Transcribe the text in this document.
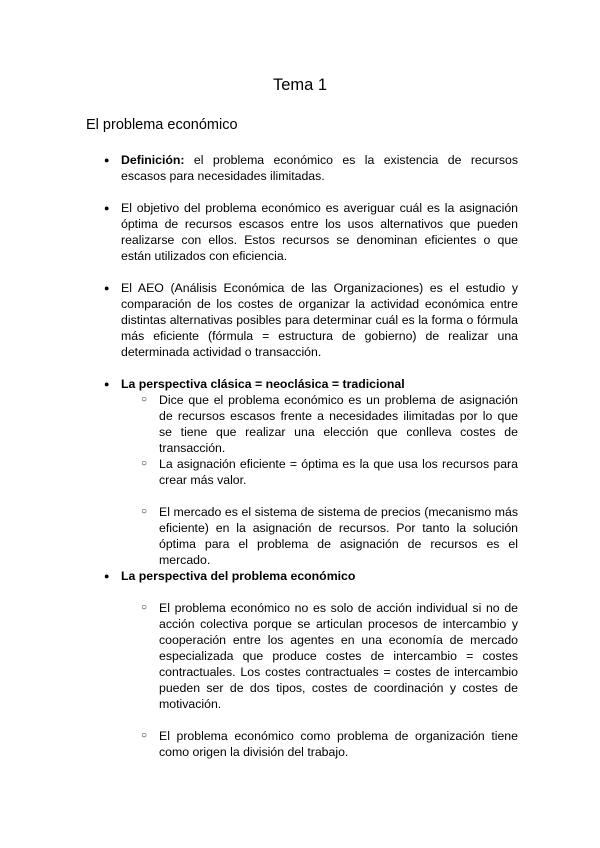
Tema 1
El problema económico
● Definición: el problema económico es la existencia de recursos escasos para necesidades ilimitadas.
● El objetivo del problema económico es averiguar cuál es la asignación óptima de recursos escasos entre los usos alternativos que pueden realizarse con ellos. Estos recursos se denominan eficientes o que están utilizados con eficiencia.
● El AEO (Análisis Económica de las Organizaciones) es el estudio y comparación de los costes de organizar la actividad económica entre distintas alternativas posibles para determinar cuál es la forma o fórmula más eficiente (fórmula = estructura de gobierno) de realizar una determinada actividad o transacción.
● La perspectiva clásica = neoclásica = tradicional
○ Dice que el problema económico es un problema de asignación de recursos escasos frente a necesidades ilimitadas por lo que se tiene que realizar una elección que conlleva costes de transacción.
○ La asignación eficiente = óptima es la que usa los recursos para crear más valor.
○ El mercado es el sistema de sistema de precios (mecanismo más eficiente) en la asignación de recursos. Por tanto la solución óptima para el problema de asignación de recursos es el mercado.
● La perspectiva del problema económico
○ El problema económico no es solo de acción individual si no de acción colectiva porque se articulan procesos de intercambio y cooperación entre los agentes en una economía de mercado especializada que produce costes de intercambio = costes contractuales. Los costes contractuales = costes de intercambio pueden ser de dos tipos, costes de coordinación y costes de motivación.
○ El problema económico como problema de organización tiene como origen la división del trabajo.
